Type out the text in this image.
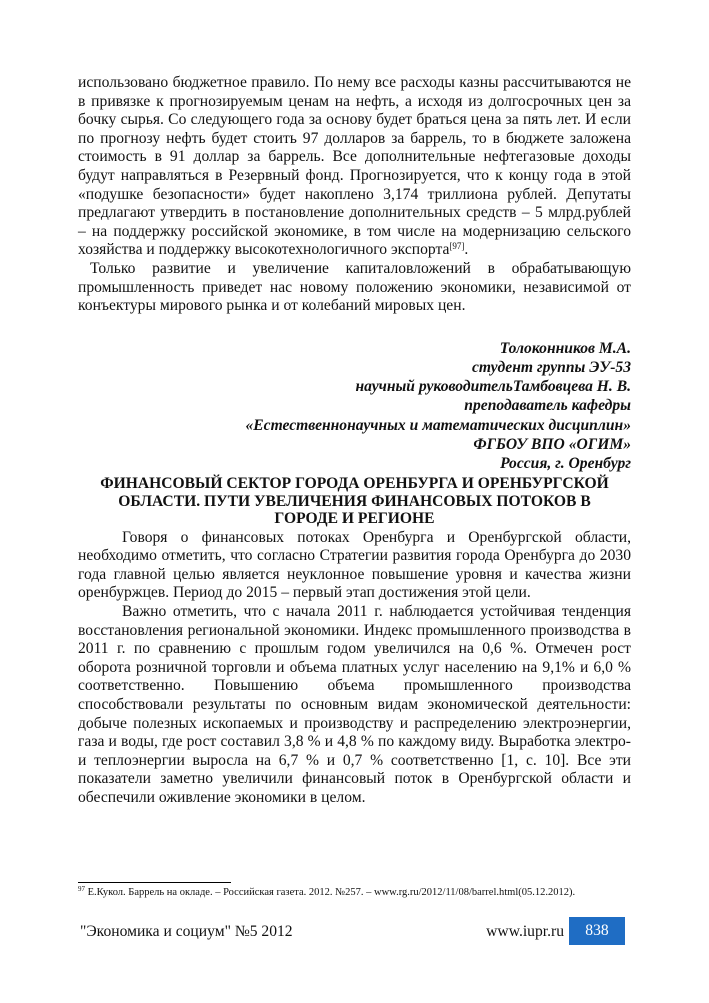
использовано бюджетное правило. По нему все расходы казны рассчитываются не в привязке к прогнозируемым ценам на нефть, а исходя из долгосрочных цен за бочку сырья. Со следующего года за основу будет браться цена за пять лет. И если по прогнозу нефть будет стоить 97 долларов за баррель, то в бюджете заложена стоимость в 91 доллар за баррель. Все дополнительные нефтегазовые доходы будут направляться в Резервный фонд. Прогнозируется, что к концу года в этой «подушке безопасности» будет накоплено 3,174 триллиона рублей. Депутаты предлагают утвердить в постановление дополнительных средств – 5 млрд.рублей – на поддержку российской экономике, в том числе на модернизацию сельского хозяйства и поддержку высокотехнологичного экспорта[97].

Только развитие и увеличение капиталовложений в обрабатывающую промышленность приведет нас новому положению экономики, независимой от конъектуры мирового рынка и от колебаний мировых цен.

Толоконников М.А.
студент группы ЭУ-53
научный руководительТамбовцева Н. В.
преподаватель кафедры
«Естественнонаучных и математических дисциплин»
ФГБОУ ВПО «ОГИМ»
Россия, г. Оренбург
ФИНАНСОВЫЙ СЕКТОР ГОРОДА ОРЕНБУРГА И ОРЕНБУРГСКОЙ ОБЛАСТИ. ПУТИ УВЕЛИЧЕНИЯ ФИНАНСОВЫХ ПОТОКОВ В ГОРОДЕ И РЕГИОНЕ

Говоря о финансовых потоках Оренбурга и Оренбургской области, необходимо отметить, что согласно Стратегии развития города Оренбурга до 2030 года главной целью является неуклонное повышение уровня и качества жизни оренбуржцев. Период до 2015 – первый этап достижения этой цели.

Важно отметить, что с начала 2011 г. наблюдается устойчивая тенденция восстановления региональной экономики. Индекс промышленного производства в 2011 г. по сравнению с прошлым годом увеличился на 0,6 %. Отмечен рост оборота розничной торговли и объема платных услуг населению на 9,1% и 6,0 % соответственно. Повышению объема промышленного производства способствовали результаты по основным видам экономической деятельности: добыче полезных ископаемых и производству и распределению электроэнергии, газа и воды, где рост составил 3,8 % и 4,8 % по каждому виду. Выработка электро- и теплоэнергии выросла на 6,7 % и 0,7 % соответственно [1, с. 10]. Все эти показатели заметно увеличили финансовый поток в Оренбургской области и обеспечили оживление экономики в целом.

$^{97}$ Е.Кукол. Баррель на окладе. – Российская газета. 2012. №257. – www.rg.ru/2012/11/08/barrel.html(05.12.2012).
"Экономика и социум" №5 2012	www.iupr.ru	838
